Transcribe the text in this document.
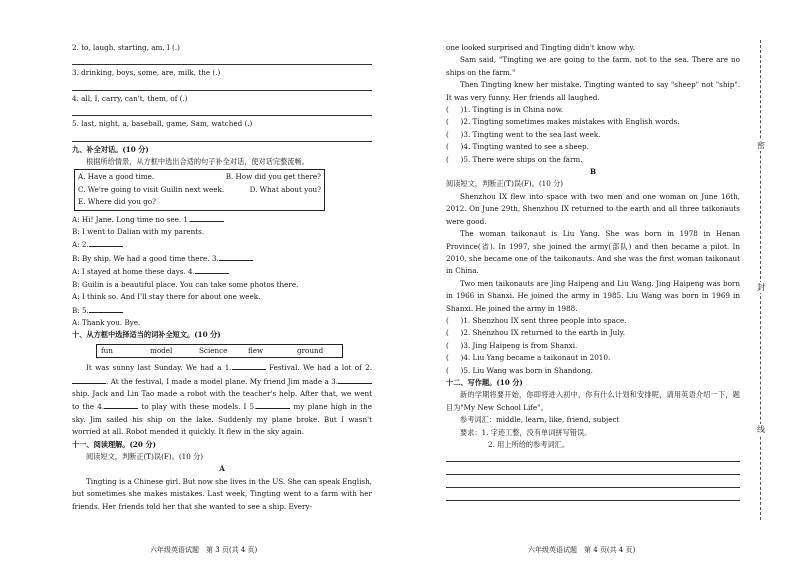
2. to, laugh, starting, am, I (.)
3. drinking, boys, some, are, milk, the (.)
4. all, I, carry, can't, them, of (.)
5. last, night, a, baseball, game, Sam, watched (.)
九、补全对话。(10 分)
根据所给情景，从方框中选出合适的句子补全对话，使对话完整流畅。
A. Have a good time.	B. How did you get there?
C. We're going to visit Guilin next week.	D. What about you?
E. Where did you go?
A: Hi! Jane. Long time no see. 1.
B: I went to Dalian with my parents.
A: 2.
B: By ship. We had a good time there. 3.
A: I stayed at home these days. 4.
B: Guilin is a beautiful place. You can take some photos there.
A: I think so. And I'll stay there for about one week.
B: 5.
A: Thank you. Bye.
十、从方框中选择适当的词补全短文。(10 分)
fun	model	Science	flew	ground
It was sunny last Sunday. We had a 1.	Festival. We had a lot of 2.. At the festival, I made a model plane. My friend Jim made a 3. ship. Jack and Lin Tao made a robot with the teacher's help. After that, we went to the 4.	to play with these models. I 5.	my plane high in the sky. Jim sailed his ship on the lake. Suddenly my plane broke. But I wasn't worried at all. Robot mended it quickly. It flew in the sky again.
十一、阅读理解。(20 分)
阅读短文，判断正(T)误(F)。(10 分)
A
Tingting is a Chinese girl. But now she lives in the US. She can speak English, but sometimes she makes mistakes. Last week, Tingting went to a farm with her friends. Her friends told her that she wanted to see a ship. Every-
六年级英语试题　第 3 页(共 4 页)
one looked surprised and Tingting didn't know why.
Sam said, "Tingting we are going to the farm, not to the sea. There are no ships on the farm."
Then Tingting knew her mistake. Tingting wanted to say "sheep" not "ship". It was very funny. Her friends all laughed.
( 　 )1. Tingting is in China now.
( 　 )2. Tingting sometimes makes mistakes with English words.
( 　 )3. Tingting went to the sea last week.
( 　 )4. Tingting wanted to see a sheep.
( 　 )5. There were ships on the farm.
B
阅读短文，判断正(T)误(F)。(10 分)
Shenzhou IX flew into space with two men and one woman on June 16th, 2012. On June 29th, Shenzhou IX returned to the earth and all three taikonauts were good.
The woman taikonaut is Liu Yang. She was born in 1978 in Henan Province(省). In 1997, she joined the army(部队) and then became a pilot. In 2010, she became one of the taikonauts. And she was the first woman taikonaut in China.
Two men taikonauts are Jing Haipeng and Liu Wang. Jing Haipeng was born in 1966 in Shanxi. He joined the army in 1985. Liu Wang was born in 1969 in Shanxi. He joined the army in 1988.
( 　 )1. Shenzhou IX sent three people into space.
( 　 )2. Shenzhou IX returned to the earth in July.
( 　 )3. Jing Haipeng is from Shanxi.
( 　 )4. Liu Yang became a taikonaut in 2010.
( 　 )5. Liu Wang was born in Shandong.
十二、写作题。(10 分)
新的学期将要开始，你即将进入初中，你有什么计划和安排呢，请用英语介绍一下，题目为"My New School Life"。
参考词汇：middle, learn, like, friend, subject
要求：1. 字迹工整，没有单词拼写错误。
2. 用上所给的参考词汇。
六年级英语试题　第 4 页(共 4 页)
密
封
线
